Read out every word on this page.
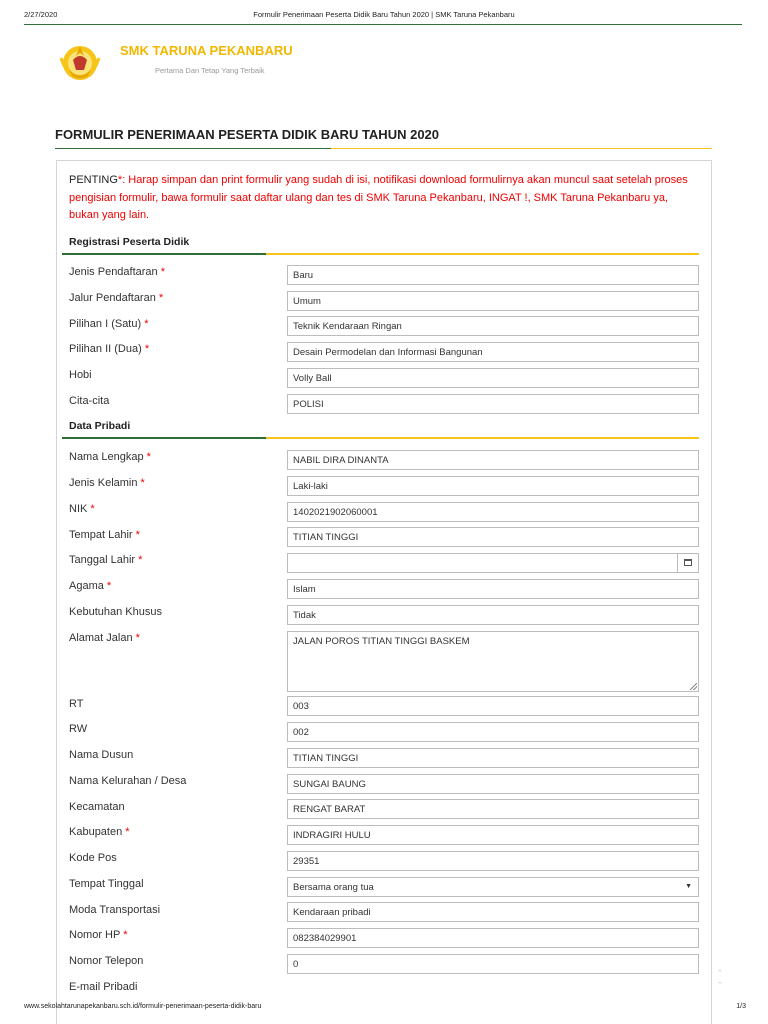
2/27/2020	Formulir Penerimaan Peserta Didik Baru Tahun 2020 | SMK Taruna Pekanbaru
SMK TARUNA PEKANBARU
Pertama Dan Tetap Yang Terbaik
FORMULIR PENERIMAAN PESERTA DIDIK BARU TAHUN 2020
PENTING*: Harap simpan dan print formulir yang sudah di isi, notifikasi download formulirnya akan muncul saat setelah proses pengisian formulir, bawa formulir saat daftar ulang dan tes di SMK Taruna Pekanbaru, INGAT !, SMK Taruna Pekanbaru ya, bukan yang lain.
Registrasi Peserta Didik
Jenis Pendaftaran *	Baru
Jalur Pendaftaran *	Umum
Pilihan I (Satu) *	Teknik Kendaraan Ringan
Pilihan II (Dua) *	Desain Permodelan dan Informasi Bangunan
Hobi	Volly Ball
Cita-cita	POLISI
Data Pribadi
Nama Lengkap *	NABIL DIRA DINANTA
Jenis Kelamin *	Laki-laki
NIK *	1402021902060001
Tempat Lahir *	TITIAN TINGGI
Tanggal Lahir *
Agama *	Islam
Kebutuhan Khusus	Tidak
Alamat Jalan *	JALAN POROS TITIAN TINGGI BASKEM
RT	003
RW	002
Nama Dusun	TITIAN TINGGI
Nama Kelurahan / Desa	SUNGAI BAUNG
Kecamatan	RENGAT BARAT
Kabupaten *	INDRAGIRI HULU
Kode Pos	29351
Tempat Tinggal	Bersama orang tua	▼
Moda Transportasi	Kendaraan pribadi
Nomor HP *	082384029901
Nomor Telepon	0
E-mail Pribadi
ˆ
ˆ
www.sekolahtarunapekanbaru.sch.id/formulir-penerimaan-peserta-didik-baru	1/3
